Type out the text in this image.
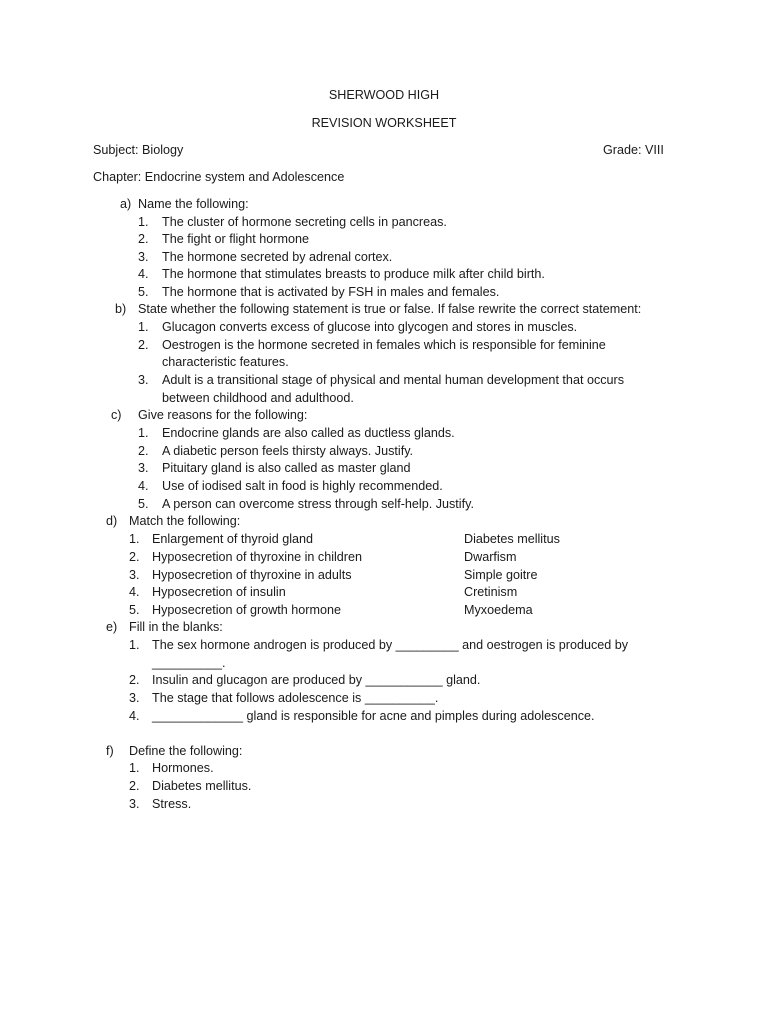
SHERWOOD HIGH
REVISION WORKSHEET
Subject: Biology	Grade: VIII
Chapter: Endocrine system and Adolescence
a) Name the following:
1. The cluster of hormone secreting cells in pancreas.
2. The fight or flight hormone
3. The hormone secreted by adrenal cortex.
4. The hormone that stimulates breasts to produce milk after child birth.
5. The hormone that is activated by FSH in males and females.
b) State whether the following statement is true or false. If false rewrite the correct statement:
1. Glucagon converts excess of glucose into glycogen and stores in muscles.
2. Oestrogen is the hormone secreted in females which is responsible for feminine
characteristic features.
3. Adult is a transitional stage of physical and mental human development that occurs
between childhood and adulthood.
c) Give reasons for the following:
1. Endocrine glands are also called as ductless glands.
2. A diabetic person feels thirsty always. Justify.
3. Pituitary gland is also called as master gland
4. Use of iodised salt in food is highly recommended.
5. A person can overcome stress through self-help. Justify.
d) Match the following:
1. Enlargement of thyroid gland	Diabetes mellitus
2. Hyposecretion of thyroxine in children	Dwarfism
3. Hyposecretion of thyroxine in adults	Simple goitre
4. Hyposecretion of insulin	Cretinism
5. Hyposecretion of growth hormone	Myxoedema
e) Fill in the blanks:
1. The sex hormone androgen is produced by _________ and oestrogen is produced by
__________.
2. Insulin and glucagon are produced by ___________ gland.
3. The stage that follows adolescence is __________.
4. _____________ gland is responsible for acne and pimples during adolescence.
f) Define the following:
1. Hormones.
2. Diabetes mellitus.
3. Stress.
